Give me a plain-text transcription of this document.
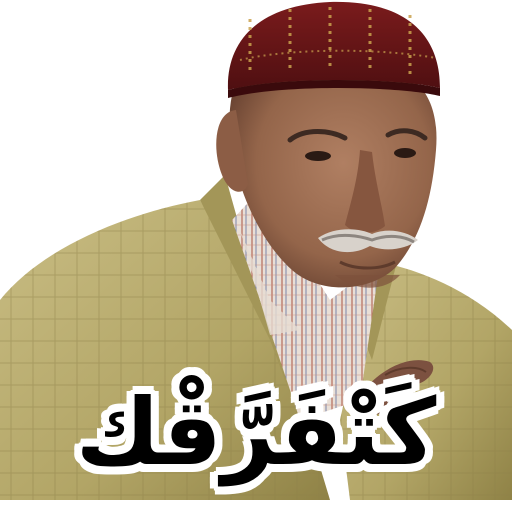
كَتْفَرَّقْك
